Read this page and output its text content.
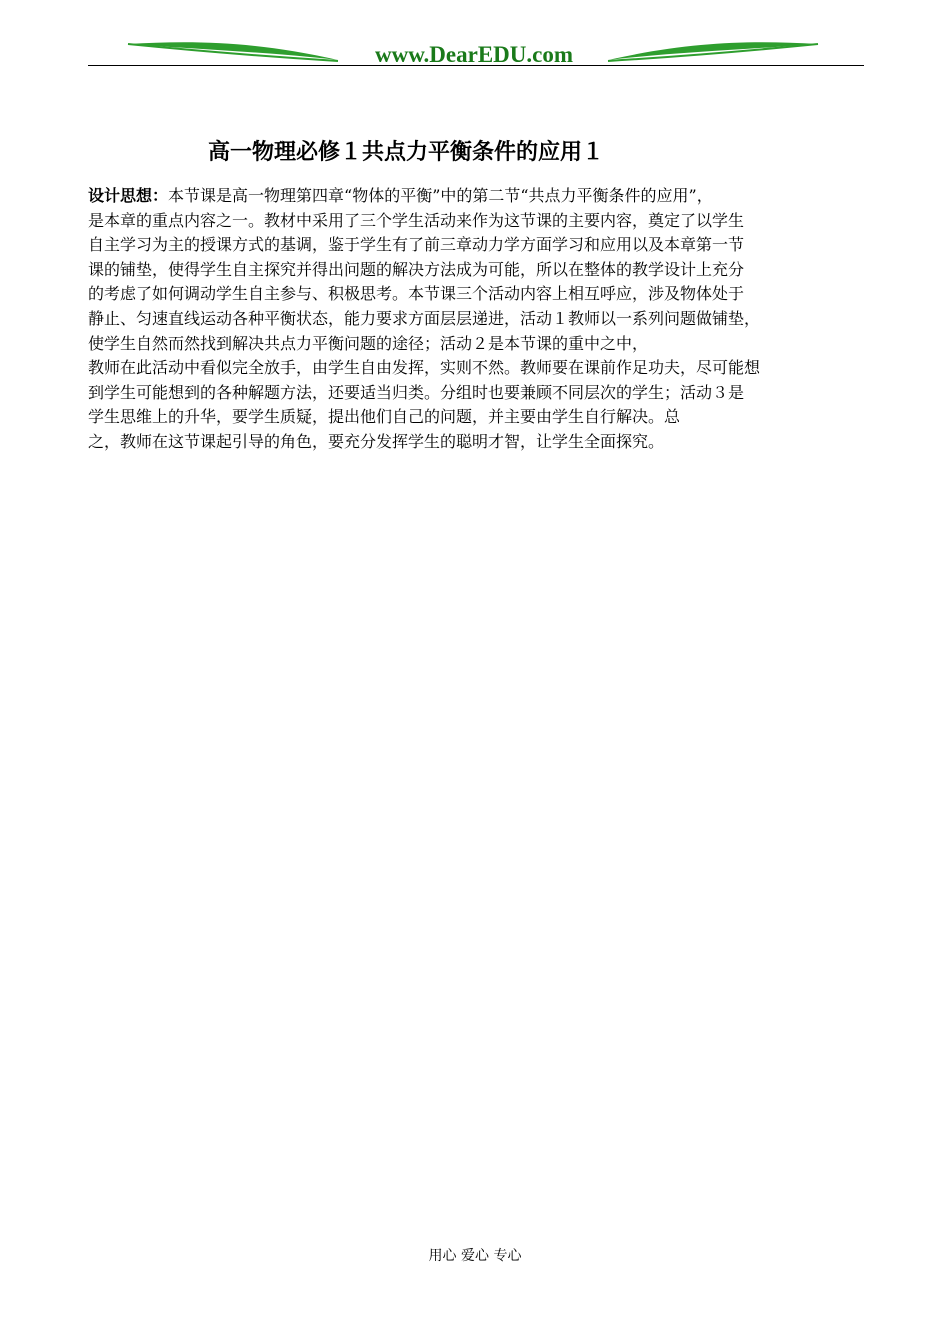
www.DearEDU.com
高一物理必修１共点力平衡条件的应用１
设计思想：本节课是高一物理第四章“物体的平衡”中的第二节“共点力平衡条件的应用”，
是本章的重点内容之一。教材中采用了三个学生活动来作为这节课的主要内容，奠定了以学生
自主学习为主的授课方式的基调，鉴于学生有了前三章动力学方面学习和应用以及本章第一节
课的铺垫，使得学生自主探究并得出问题的解决方法成为可能，所以在整体的教学设计上充分
的考虑了如何调动学生自主参与、积极思考。本节课三个活动内容上相互呼应，涉及物体处于
静止、匀速直线运动各种平衡状态，能力要求方面层层递进，活动１教师以一系列问题做铺垫，
使学生自然而然找到解决共点力平衡问题的途径；活动２是本节课的重中之中，
教师在此活动中看似完全放手，由学生自由发挥，实则不然。教师要在课前作足功夫，尽可能想
到学生可能想到的各种解题方法，还要适当归类。分组时也要兼顾不同层次的学生；活动３是
学生思维上的升华，要学生质疑，提出他们自己的问题，并主要由学生自行解决。总
之，教师在这节课起引导的角色，要充分发挥学生的聪明才智，让学生全面探究。
用心 爱心 专心
